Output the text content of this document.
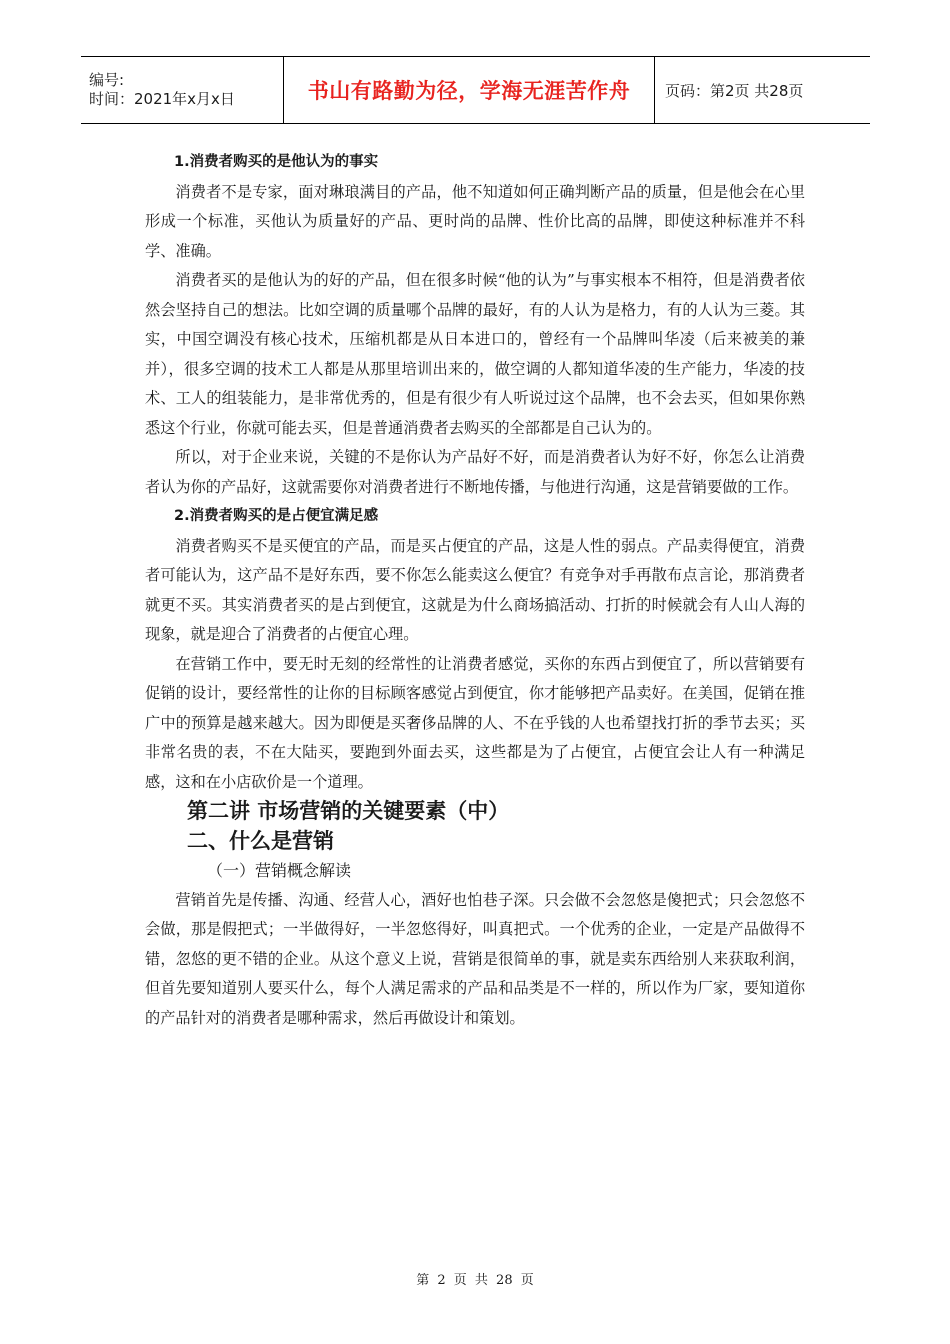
编号:
时间：2021年x月x日	书山有路勤为径，学海无涯苦作舟	页码：第2页 共28页

1.消费者购买的是他认为的事实

消费者不是专家，面对琳琅满目的产品，他不知道如何正确判断产品的质量，但是他会在心里形成一个标准，买他认为质量好的产品、更时尚的品牌、性价比高的品牌，即使这种标准并不科学、准确。

消费者买的是他认为的好的产品，但在很多时候“他的认为”与事实根本不相符，但是消费者依然会坚持自己的想法。比如空调的质量哪个品牌的最好，有的人认为是格力，有的人认为三菱。其实，中国空调没有核心技术，压缩机都是从日本进口的，曾经有一个品牌叫华凌（后来被美的兼并），很多空调的技术工人都是从那里培训出来的，做空调的人都知道华凌的生产能力，华凌的技术、工人的组装能力，是非常优秀的，但是有很少有人听说过这个品牌，也不会去买，但如果你熟悉这个行业，你就可能去买，但是普通消费者去购买的全部都是自己认为的。

所以，对于企业来说，关键的不是你认为产品好不好，而是消费者认为好不好，你怎么让消费者认为你的产品好，这就需要你对消费者进行不断地传播，与他进行沟通，这是营销要做的工作。

2.消费者购买的是占便宜满足感

消费者购买不是买便宜的产品，而是买占便宜的产品，这是人性的弱点。产品卖得便宜，消费者可能认为，这产品不是好东西，要不你怎么能卖这么便宜？有竞争对手再散布点言论，那消费者就更不买。其实消费者买的是占到便宜，这就是为什么商场搞活动、打折的时候就会有人山人海的现象，就是迎合了消费者的占便宜心理。

在营销工作中，要无时无刻的经常性的让消费者感觉，买你的东西占到便宜了，所以营销要有促销的设计，要经常性的让你的目标顾客感觉占到便宜，你才能够把产品卖好。在美国，促销在推广中的预算是越来越大。因为即便是买奢侈品牌的人、不在乎钱的人也希望找打折的季节去买；买非常名贵的表，不在大陆买，要跑到外面去买，这些都是为了占便宜，占便宜会让人有一种满足感，这和在小店砍价是一个道理。

第二讲 市场营销的关键要素（中）

二、什么是营销

（一）营销概念解读

营销首先是传播、沟通、经营人心，酒好也怕巷子深。只会做不会忽悠是傻把式；只会忽悠不会做，那是假把式；一半做得好，一半忽悠得好，叫真把式。一个优秀的企业，一定是产品做得不错，忽悠的更不错的企业。从这个意义上说，营销是很简单的事，就是卖东西给别人来获取利润，但首先要知道别人要买什么，每个人满足需求的产品和品类是不一样的，所以作为厂家，要知道你的产品针对的消费者是哪种需求，然后再做设计和策划。

第 2 页 共 28 页
